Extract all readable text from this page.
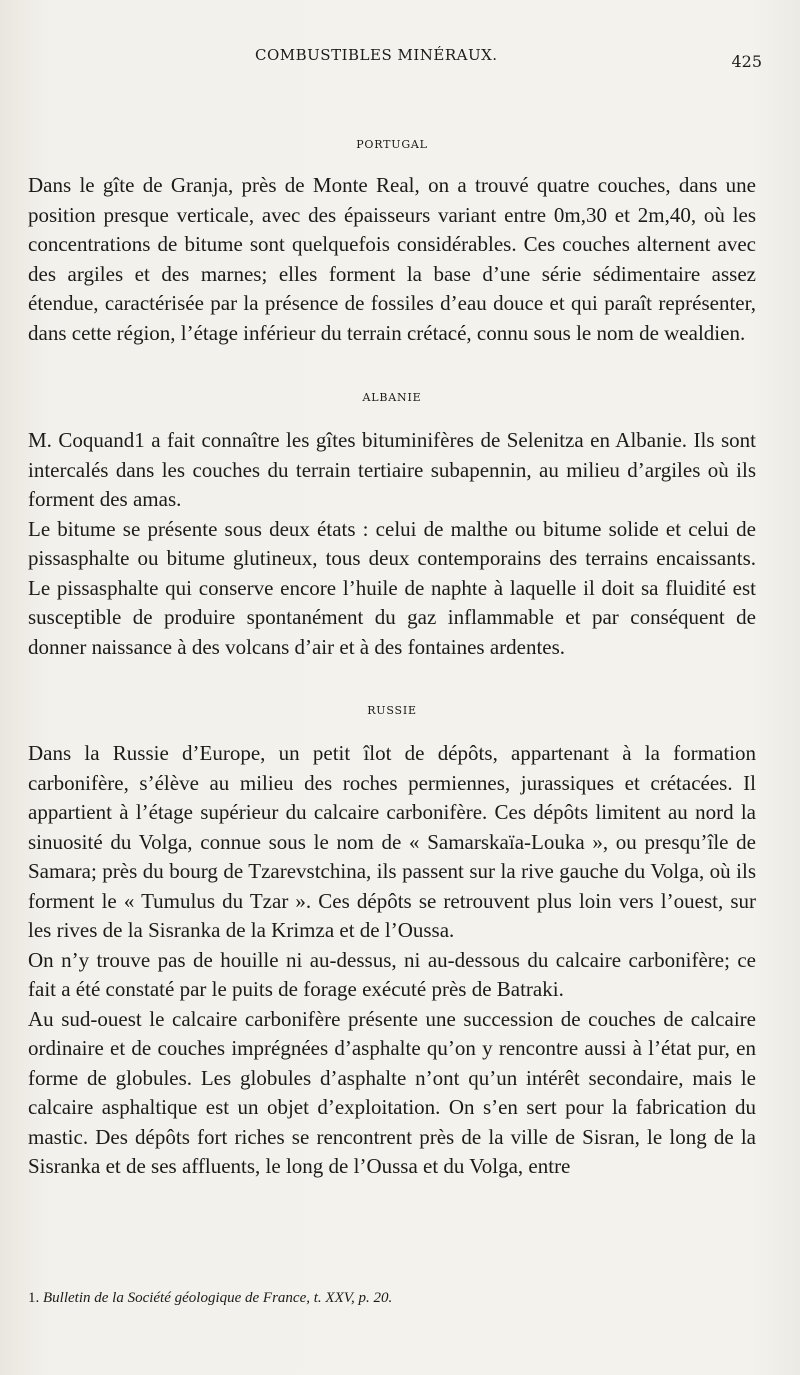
COMBUSTIBLES MINÉRAUX.	425
PORTUGAL

Dans le gîte de Granja, près de Monte Real, on a trouvé quatre couches, dans une position presque verticale, avec des épaisseurs variant entre 0m,30 et 2m,40, où les concentrations de bitume sont quelquefois considérables. Ces couches alternent avec des argiles et des marnes; elles forment la base d’une série sédimentaire assez étendue, caractérisée par la présence de fossiles d’eau douce et qui paraît représenter, dans cette région, l’étage inférieur du terrain crétacé, connu sous le nom de wealdien.

ALBANIE

M. Coquand1 a fait connaître les gîtes bituminifères de Selenitza en Albanie. Ils sont intercalés dans les couches du terrain tertiaire subapennin, au milieu d’argiles où ils forment des amas.

Le bitume se présente sous deux états : celui de malthe ou bitume solide et celui de pissasphalte ou bitume glutineux, tous deux contemporains des terrains encaissants. Le pissasphalte qui conserve encore l’huile de naphte à laquelle il doit sa fluidité est susceptible de produire spontanément du gaz inflammable et par conséquent de donner naissance à des volcans d’air et à des fontaines ardentes.

RUSSIE

Dans la Russie d’Europe, un petit îlot de dépôts, appartenant à la formation carbonifère, s’élève au milieu des roches permiennes, jurassiques et crétacées. Il appartient à l’étage supérieur du calcaire carbonifère. Ces dépôts limitent au nord la sinuosité du Volga, connue sous le nom de « Samarskaïa-Louka », ou presqu’île de Samara; près du bourg de Tzarevstchina, ils passent sur la rive gauche du Volga, où ils forment le « Tumulus du Tzar ». Ces dépôts se retrouvent plus loin vers l’ouest, sur les rives de la Sisranka de la Krimza et de l’Oussa.

On n’y trouve pas de houille ni au-dessus, ni au-dessous du calcaire carbonifère; ce fait a été constaté par le puits de forage exécuté près de Batraki.

Au sud-ouest le calcaire carbonifère présente une succession de couches de calcaire ordinaire et de couches imprégnées d’asphalte qu’on y rencontre aussi à l’état pur, en forme de globules. Les globules d’asphalte n’ont qu’un intérêt secondaire, mais le calcaire asphaltique est un objet d’exploitation. On s’en sert pour la fabrication du mastic. Des dépôts fort riches se rencontrent près de la ville de Sisran, le long de la Sisranka et de ses affluents, le long de l’Oussa et du Volga, entre

1. Bulletin de la Société géologique de France, t. XXV, p. 20.
